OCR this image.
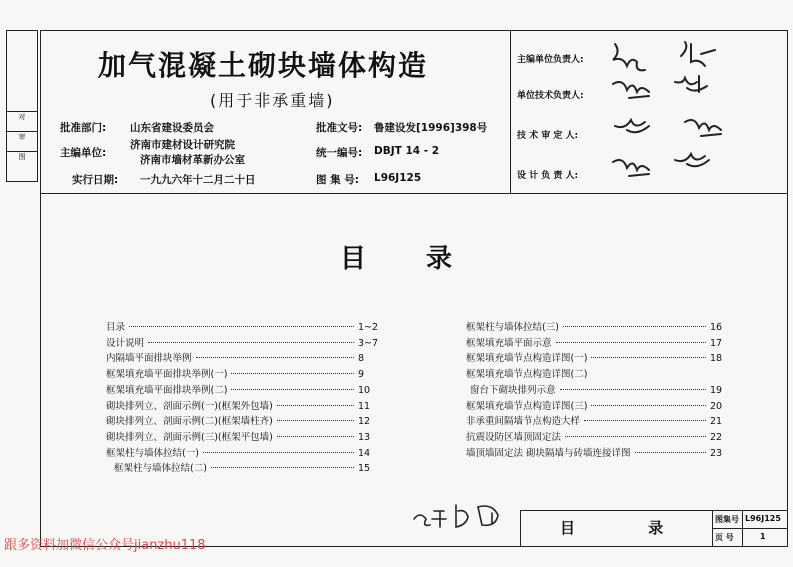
对
审
图
加气混凝土砌块墙体构造
(用于非承重墙)
批准部门: 山东省建设委员会	批准文号: 鲁建设发[1996]398号
主编单位:
济南市建材设计研究院
济南市墙材革新办公室
统一编号: DBJT 14 - 2
实行日期: 一九九六年十二月二十日	图 集 号: L96J125
主编单位负责人:
单位技术负责人:
技 术 审 定 人:
设 计 负 责 人:
目录
目录	1~2
设计说明	3~7
内隔墙平面排块举例	8
框架填充墙平面排块举例(一)	9
框架填充墙平面排块举例(二)	10
砌块排列立、剖面示例(一)(框架外包墙)	11
砌块排列立、剖面示例(二)(框架墙柱齐)	12
砌块排列立、剖面示例(三)(框架平包墙)	13
框架柱与墙体拉结(一)	14
框架柱与墙体拉结(二)	15
框架柱与墙体拉结(三)	16
框架填充墙平面示意	17
框架填充墙节点构造详图(一)	18
框架填充墙节点构造详图(二)
窗台下砌块排列示意	19
框架填充墙节点构造详图(三)	20
非承重间隔墙节点构造大样	21
抗震设防区墙顶固定法	22
墙顶墙固定法 砌块隔墙与砖墙连接详图	23
目              录	图集号 L96J125
页 号	1
跟多资料加微信公众号jianzhu118
